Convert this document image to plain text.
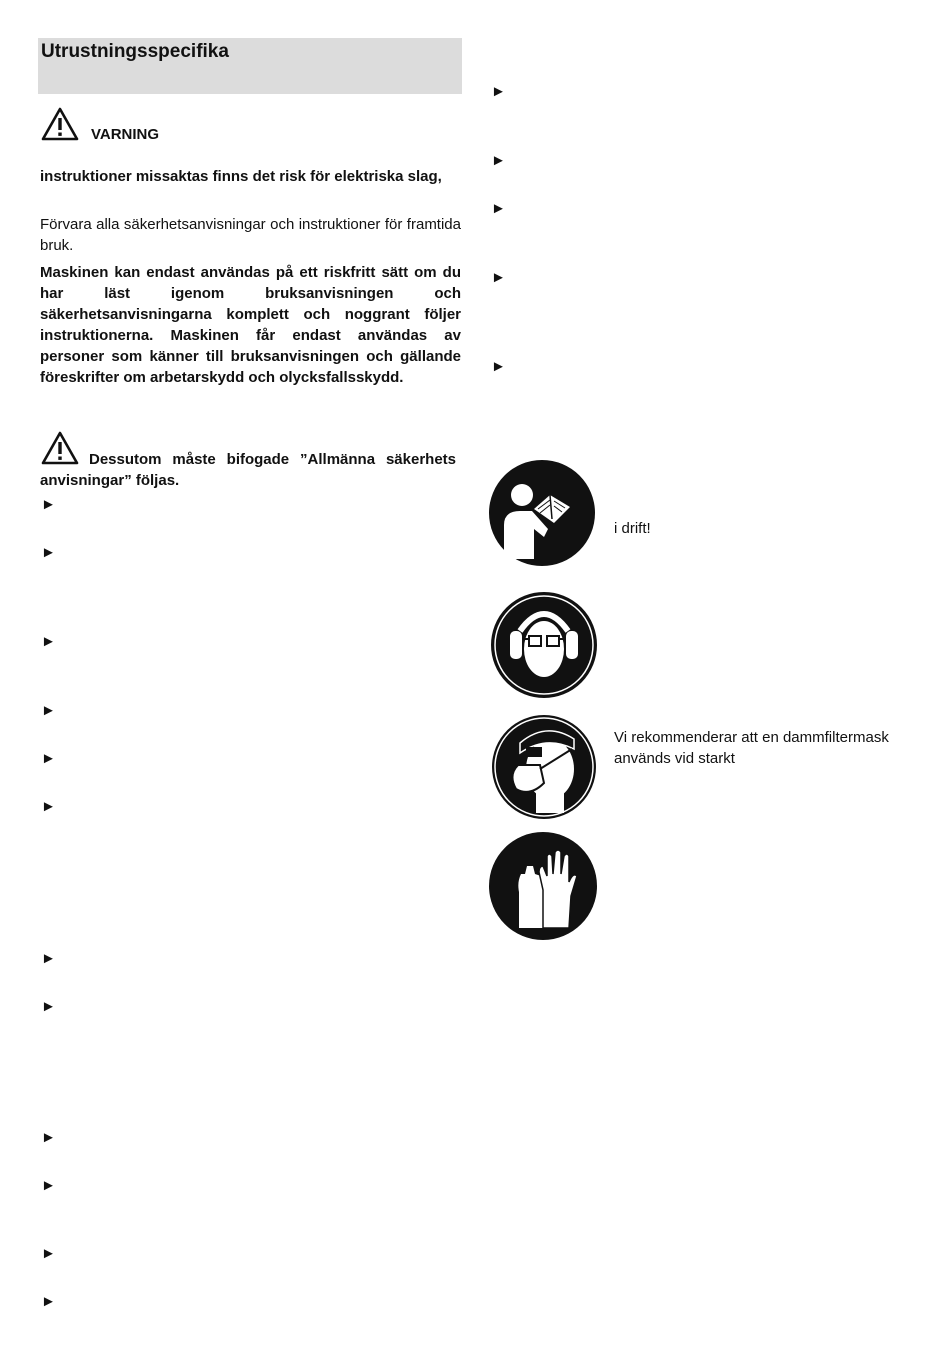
Utrustningsspecifika
VARNING
instruktioner missaktas finns det risk för elektriska slag,
Förvara alla säkerhetsanvisningar och instruktioner för framtida bruk.
Maskinen kan endast användas på ett riskfritt sätt om du har läst igenom bruksanvisningen och säkerhetsanvisningarna komplett och noggrant följer instruktionerna. Maskinen får endast användas av personer som känner till bruksanvisningen och gällande föreskrifter om arbetarskydd och olycksfallsskydd.
Dessutom måste bifogade ”Allmänna säkerhets anvisningar” följas.
►
►
►
►
►
►
►
►
►
►
►
►
►
►
►
►
►
i drift!
Vi rekommenderar att en dammfiltermask används vid starkt
